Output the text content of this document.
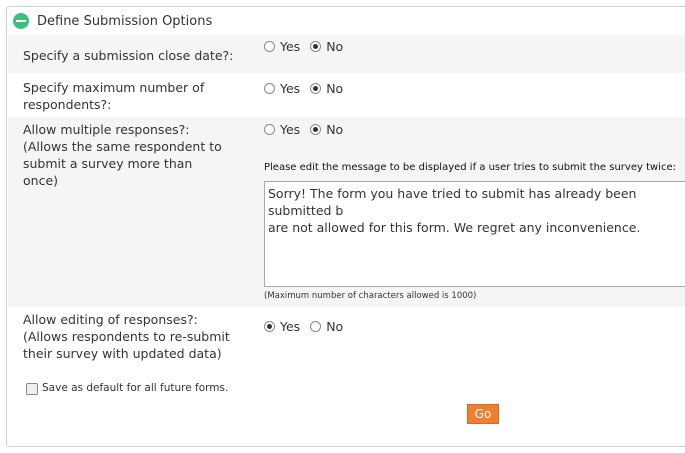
Define Submission Options
Specify a submission close date?:
Yes No
Specify maximum number of respondents?:
Yes No
Allow multiple responses?:
(Allows the same respondent to submit a survey more than once)
Yes No
Please edit the message to be displayed if a user tries to submit the survey twice:
Sorry! The form you have tried to submit has already been submitted b
are not allowed for this form. We regret any inconvenience.
(Maximum number of characters allowed is 1000)
Allow editing of responses?:
(Allows respondents to re-submit their survey with updated data)
Yes No
Save as default for all future forms.
Go
